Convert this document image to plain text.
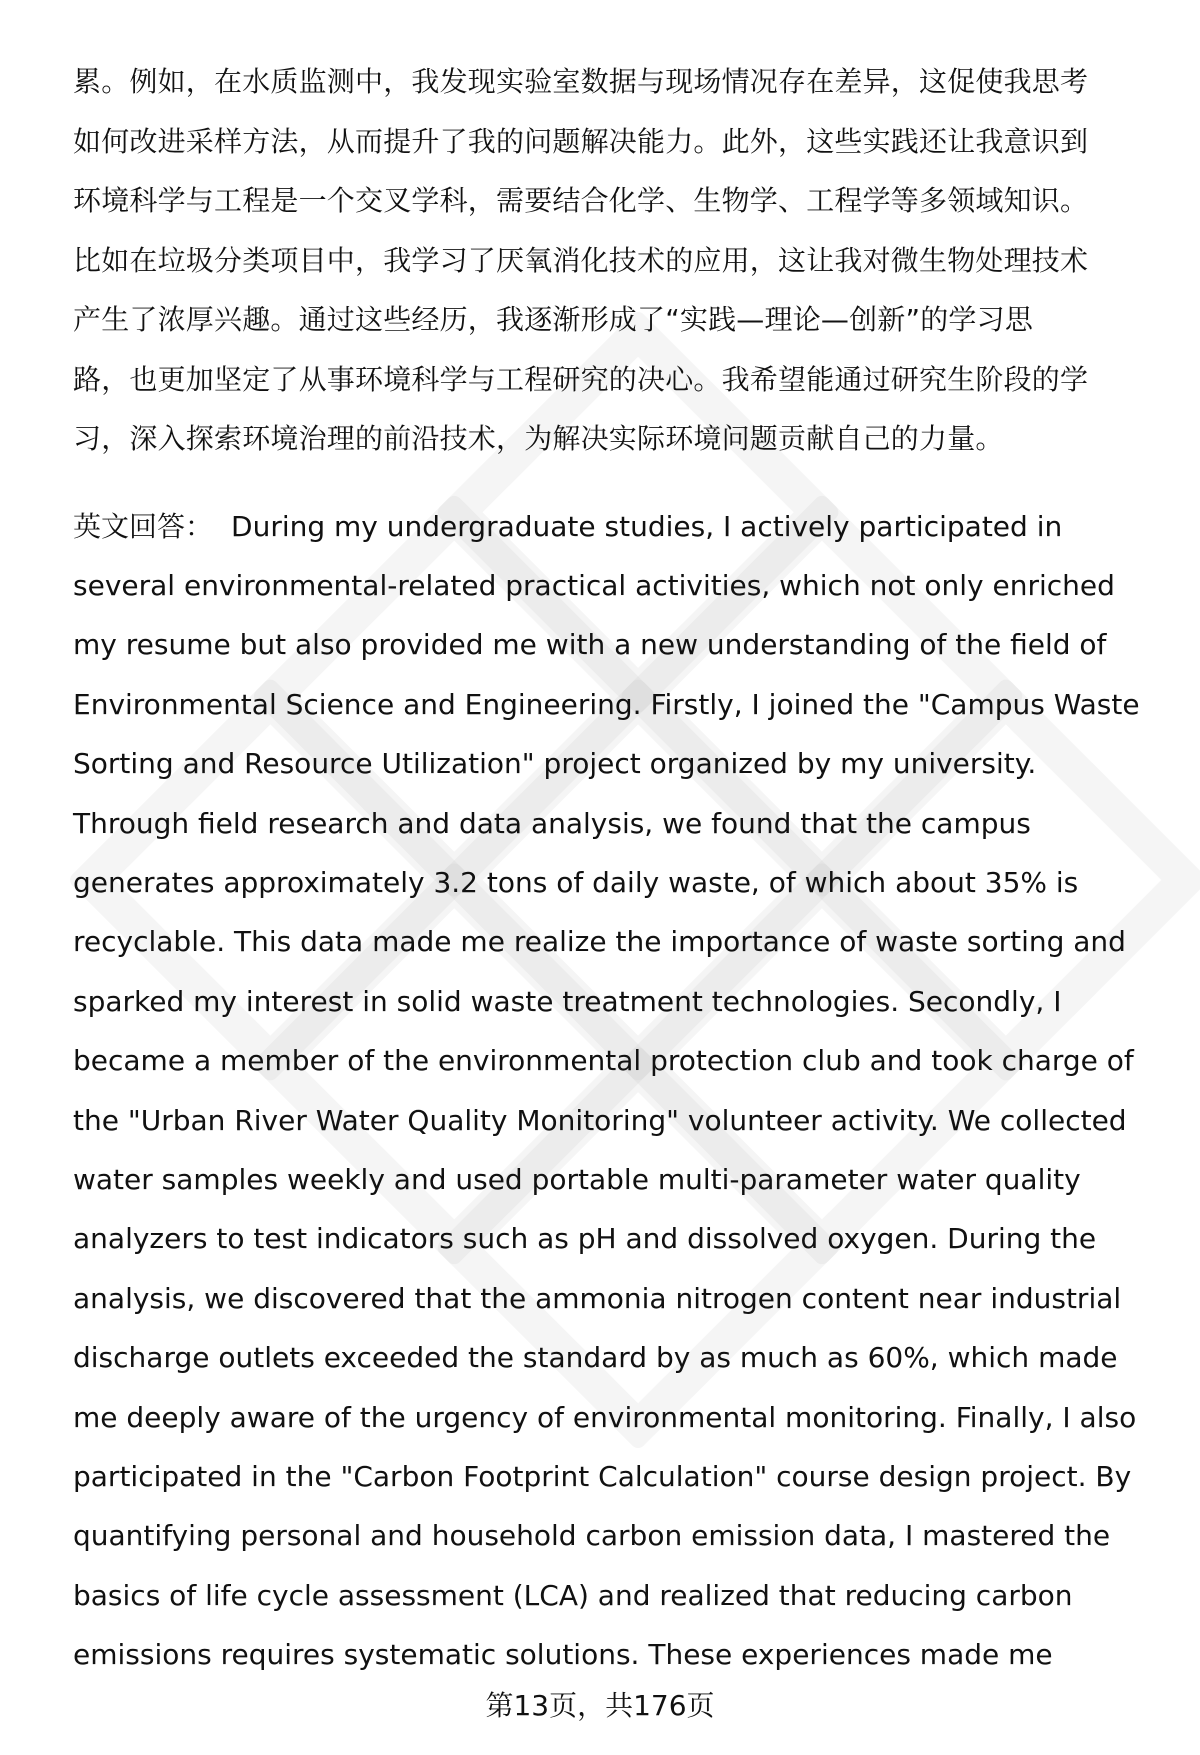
累。例如，在水质监测中，我发现实验室数据与现场情况存在差异，这促使我思考
如何改进采样方法，从而提升了我的问题解决能力。此外，这些实践还让我意识到
环境科学与工程是一个交叉学科，需要结合化学、生物学、工程学等多领域知识。
比如在垃圾分类项目中，我学习了厌氧消化技术的应用，这让我对微生物处理技术
产生了浓厚兴趣。通过这些经历，我逐渐形成了“实践—理论—创新”的学习思
路，也更加坚定了从事环境科学与工程研究的决心。我希望能通过研究生阶段的学
习，深入探索环境治理的前沿技术，为解决实际环境问题贡献自己的力量。
英文回答： During my undergraduate studies, I actively participated in
several environmental-related practical activities, which not only enriched
my resume but also provided me with a new understanding of the field of
Environmental Science and Engineering. Firstly, I joined the "Campus Waste
Sorting and Resource Utilization" project organized by my university.
Through field research and data analysis, we found that the campus
generates approximately 3.2 tons of daily waste, of which about 35% is
recyclable. This data made me realize the importance of waste sorting and
sparked my interest in solid waste treatment technologies. Secondly, I
became a member of the environmental protection club and took charge of
the "Urban River Water Quality Monitoring" volunteer activity. We collected
water samples weekly and used portable multi-parameter water quality
analyzers to test indicators such as pH and dissolved oxygen. During the
analysis, we discovered that the ammonia nitrogen content near industrial
discharge outlets exceeded the standard by as much as 60%, which made
me deeply aware of the urgency of environmental monitoring. Finally, I also
participated in the "Carbon Footprint Calculation" course design project. By
quantifying personal and household carbon emission data, I mastered the
basics of life cycle assessment (LCA) and realized that reducing carbon
emissions requires systematic solutions. These experiences made me
第13页，共176页
